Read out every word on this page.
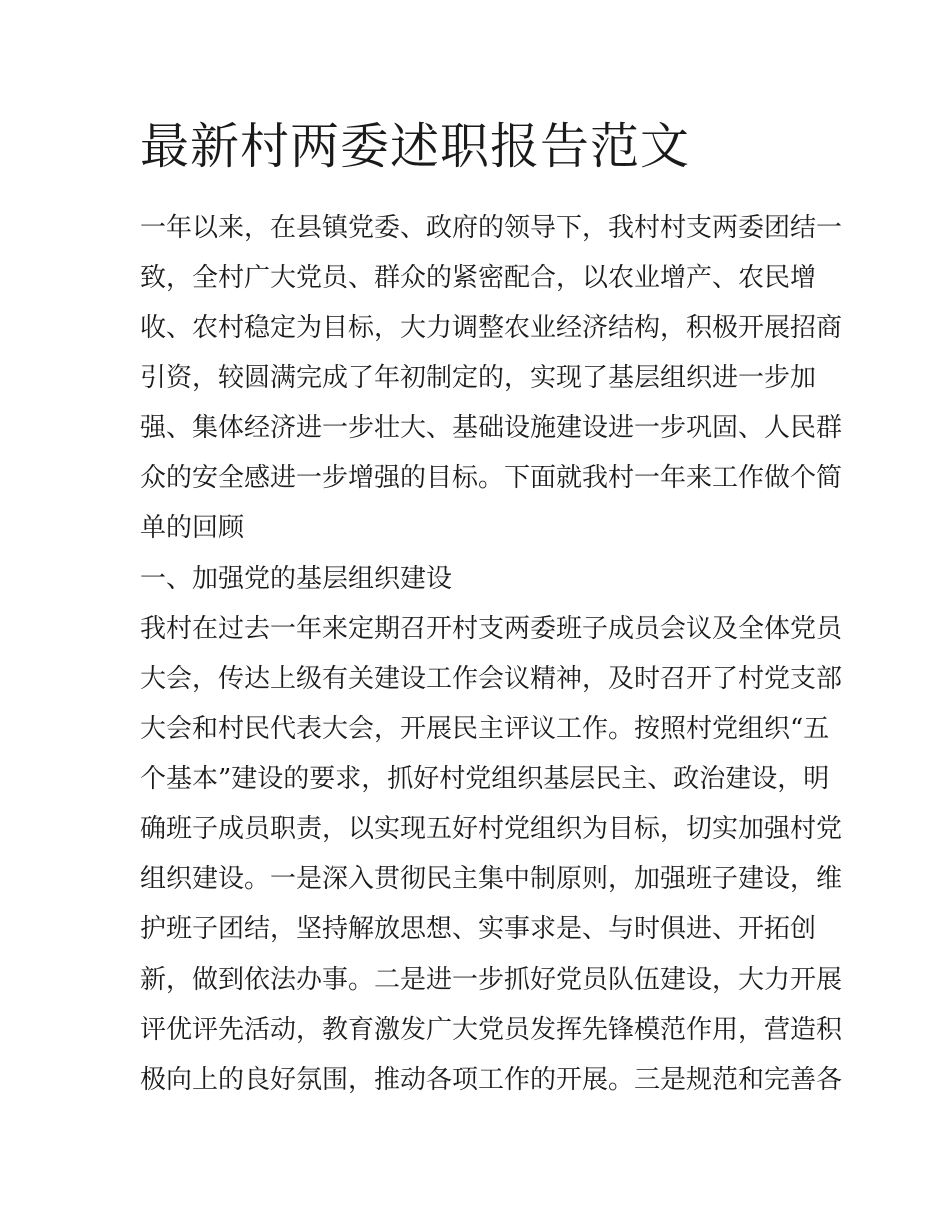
最新村两委述职报告范文

一年以来，在县镇党委、政府的领导下，我村村支两委团结一

致，全村广大党员、群众的紧密配合，以农业增产、农民增

收、农村稳定为目标，大力调整农业经济结构，积极开展招商

引资，较圆满完成了年初制定的，实现了基层组织进一步加

强、集体经济进一步壮大、基础设施建设进一步巩固、人民群

众的安全感进一步增强的目标。下面就我村一年来工作做个简

单的回顾

一、加强党的基层组织建设

我村在过去一年来定期召开村支两委班子成员会议及全体党员

大会，传达上级有关建设工作会议精神，及时召开了村党支部

大会和村民代表大会，开展民主评议工作。按照村党组织“五

个基本”建设的要求，抓好村党组织基层民主、政治建设，明

确班子成员职责，以实现五好村党组织为目标，切实加强村党

组织建设。一是深入贯彻民主集中制原则，加强班子建设，维

护班子团结，坚持解放思想、实事求是、与时俱进、开拓创

新，做到依法办事。二是进一步抓好党员队伍建设，大力开展

评优评先活动，教育激发广大党员发挥先锋模范作用，营造积

极向上的良好氛围，推动各项工作的开展。三是规范和完善各
